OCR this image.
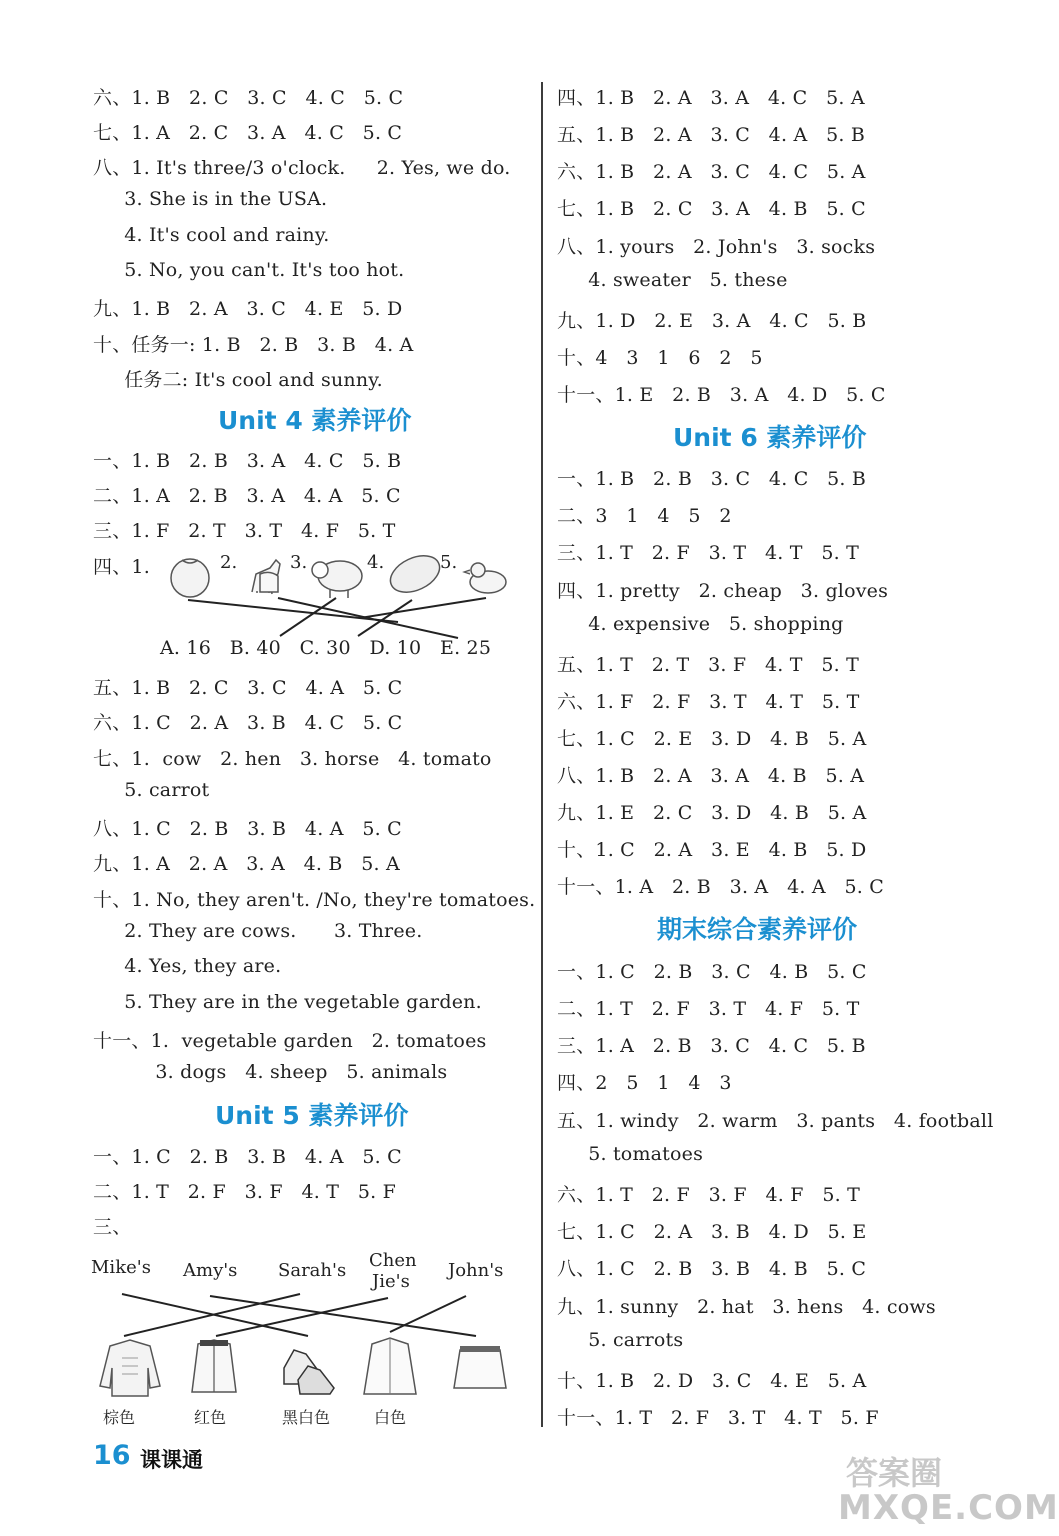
六、1. B   2. C   3. C   4. C   5. C
七、1. A   2. C   3. A   4. C   5. C
八、1. It's three/3 o'clock.     2. Yes, we do.
3. She is in the USA.
4. It's cool and rainy.
5. No, you can't. It's too hot.
九、1. B   2. A   3. C   4. E   5. D
十、任务一: 1. B   2. B   3. B   4. A
任务二: It's cool and sunny.
Unit 4 素养评价
一、1. B   2. B   3. A   4. C   5. B
二、1. A   2. B   3. A   4. A   5. C
三、1. F   2. T   3. T   4. F   5. T
四、1.	2.	3.	4.	5.
A. 16   B. 40   C. 30   D. 10   E. 25
五、1. B   2. C   3. C   4. A   5. C
六、1. C   2. A   3. B   4. C   5. C
七、1.  cow   2. hen   3. horse   4. tomato
5. carrot
八、1. C   2. B   3. B   4. A   5. C
九、1. A   2. A   3. A   4. B   5. A
十、1. No, they aren't. /No, they're tomatoes.
2. They are cows.      3. Three.
4. Yes, they are.
5. They are in the vegetable garden.
十一、1.  vegetable garden   2. tomatoes
3. dogs   4. sheep   5. animals
Unit 5 素养评价
一、1. C   2. B   3. B   4. A   5. C
二、1. T   2. F   3. F   4. T   5. F
三、
Mike's Amy's Sarah's Chen
Jie's
John's
棕色	红色	黑白色	白色
四、1. B   2. A   3. A   4. C   5. A
五、1. B   2. A   3. C   4. A   5. B
六、1. B   2. A   3. C   4. C   5. A
七、1. B   2. C   3. A   4. B   5. C
八、1. yours   2. John's   3. socks
4. sweater   5. these
九、1. D   2. E   3. A   4. C   5. B
十、4   3   1   6   2   5
十一、1. E   2. B   3. A   4. D   5. C
Unit 6 素养评价
一、1. B   2. B   3. C   4. C   5. B
二、3   1   4   5   2
三、1. T   2. F   3. T   4. T   5. T
四、1. pretty   2. cheap   3. gloves
4. expensive   5. shopping
五、1. T   2. T   3. F   4. T   5. T
六、1. F   2. F   3. T   4. T   5. T
七、1. C   2. E   3. D   4. B   5. A
八、1. B   2. A   3. A   4. B   5. A
九、1. E   2. C   3. D   4. B   5. A
十、1. C   2. A   3. E   4. B   5. D
十一、1. A   2. B   3. A   4. A   5. C
期末综合素养评价
一、1. C   2. B   3. C   4. B   5. C
二、1. T   2. F   3. T   4. F   5. T
三、1. A   2. B   3. C   4. C   5. B
四、2   5   1   4   3
五、1. windy   2. warm   3. pants   4. football
5. tomatoes
六、1. T   2. F   3. F   4. F   5. T
七、1. C   2. A   3. B   4. D   5. E
八、1. C   2. B   3. B   4. B   5. C
九、1. sunny   2. hat   3. hens   4. cows
5. carrots
十、1. B   2. D   3. C   4. E   5. A
十一、1. T   2. F   3. T   4. T   5. F
16 课课通	答案圈
MXQE.COM
